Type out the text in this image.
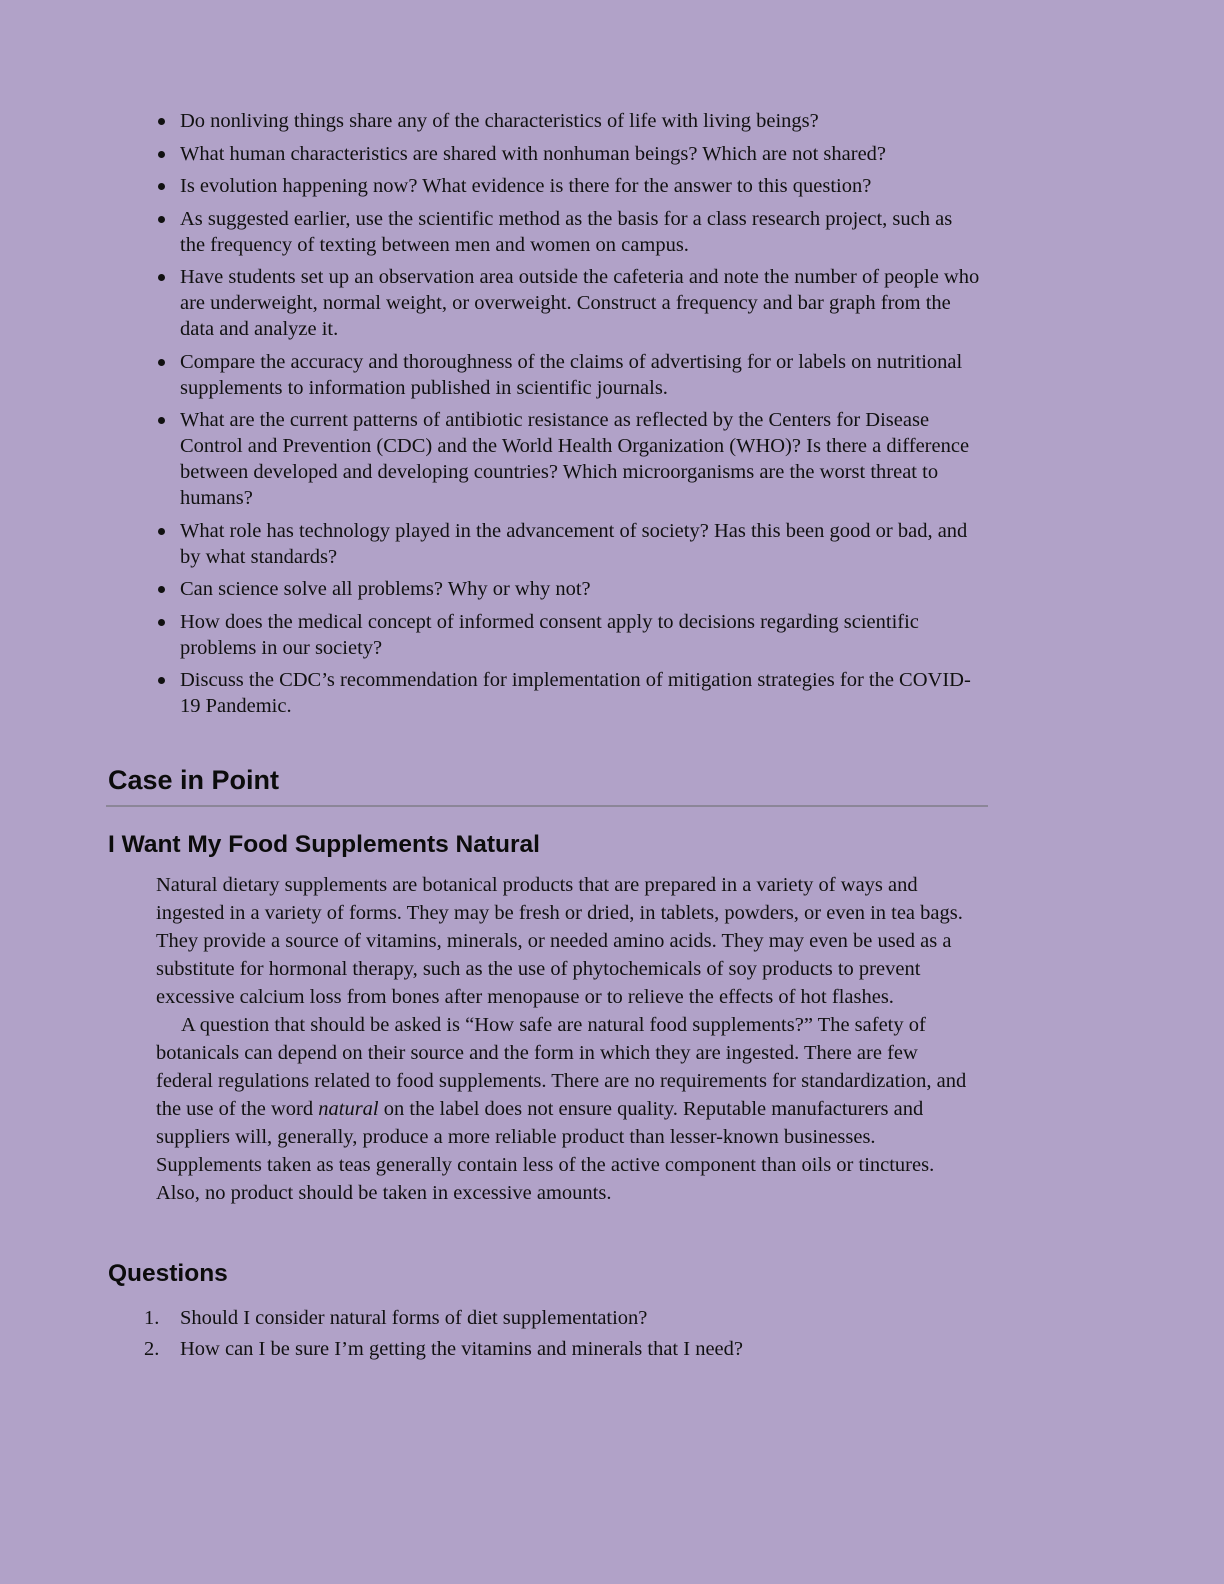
Do nonliving things share any of the characteristics of life with living beings?
What human characteristics are shared with nonhuman beings? Which are not shared?
Is evolution happening now? What evidence is there for the answer to this question?
As suggested earlier, use the scientific method as the basis for a class research project, such as the frequency of texting between men and women on campus.
Have students set up an observation area outside the cafeteria and note the number of people who are underweight, normal weight, or overweight. Construct a frequency and bar graph from the data and analyze it.
Compare the accuracy and thoroughness of the claims of advertising for or labels on nutritional supplements to information published in scientific journals.
What are the current patterns of antibiotic resistance as reflected by the Centers for Disease Control and Prevention (CDC) and the World Health Organization (WHO)? Is there a difference between developed and developing countries? Which microorganisms are the worst threat to humans?
What role has technology played in the advancement of society? Has this been good or bad, and by what standards?
Can science solve all problems? Why or why not?
How does the medical concept of informed consent apply to decisions regarding scientific problems in our society?
Discuss the CDC’s recommendation for implementation of mitigation strategies for the COVID-19 Pandemic.
Case in Point
I Want My Food Supplements Natural

Natural dietary supplements are botanical products that are prepared in a variety of ways and ingested in a variety of forms. They may be fresh or dried, in tablets, powders, or even in tea bags. They provide a source of vitamins, minerals, or needed amino acids. They may even be used as a substitute for hormonal therapy, such as the use of phytochemicals of soy products to prevent excessive calcium loss from bones after menopause or to relieve the effects of hot flashes.

A question that should be asked is “How safe are natural food supplements?” The safety of botanicals can depend on their source and the form in which they are ingested. There are few federal regulations related to food supplements. There are no requirements for standardization, and the use of the word natural on the label does not ensure quality. Reputable manufacturers and suppliers will, generally, produce a more reliable product than lesser-known businesses. Supplements taken as teas generally contain less of the active component than oils or tinctures. Also, no product should be taken in excessive amounts.

Questions
1. Should I consider natural forms of diet supplementation?
2. How can I be sure I’m getting the vitamins and minerals that I need?
